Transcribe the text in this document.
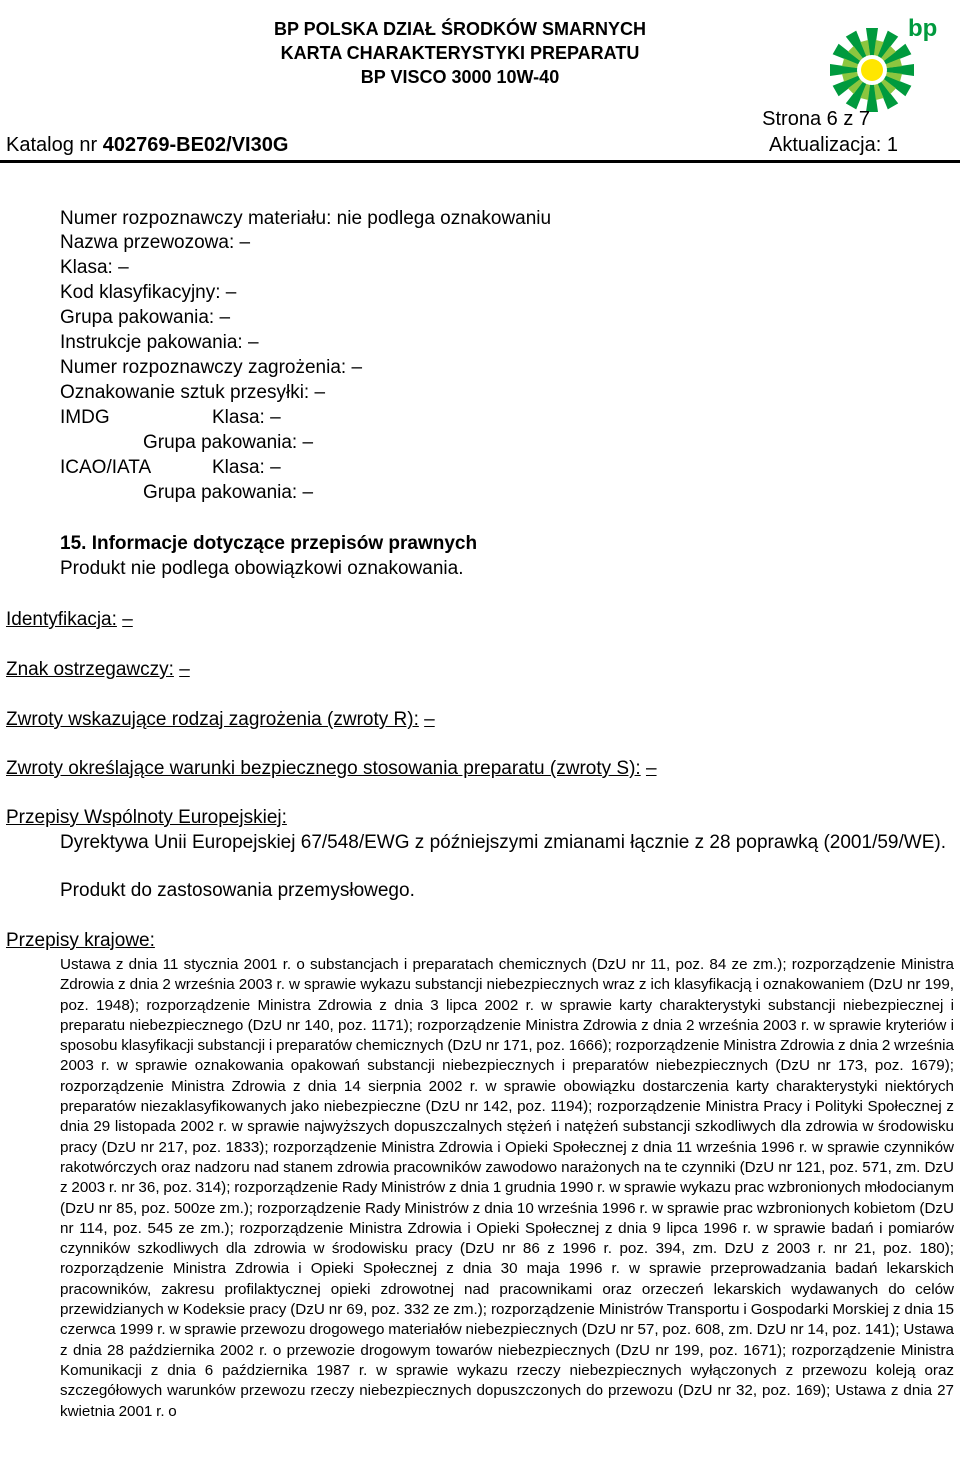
BP POLSKA DZIAŁ ŚRODKÓW SMARNYCH
KARTA CHARAKTERYSTYKI PREPARATU
BP VISCO 3000 10W-40
bp
Strona 6 z 7
Katalog nr 402769-BE02/VI30G	Aktualizacja: 1
Numer rozpoznawczy materiału: nie podlega oznakowaniu
Nazwa przewozowa: –
Klasa: –
Kod klasyfikacyjny: –
Grupa pakowania: –
Instrukcje pakowania: –
Numer rozpoznawczy zagrożenia: –
Oznakowanie sztuk przesyłki: –
IMDG	Klasa: –
Grupa pakowania: –
ICAO/IATA	Klasa: –
Grupa pakowania: –
15. Informacje dotyczące przepisów prawnych
Produkt nie podlega obowiązkowi oznakowania.
Identyfikacja: –
Znak ostrzegawczy: –
Zwroty wskazujące rodzaj zagrożenia (zwroty R): –
Zwroty określające warunki bezpiecznego stosowania preparatu (zwroty S): –
Przepisy Wspólnoty Europejskiej:
Dyrektywa Unii Europejskiej 67/548/EWG z późniejszymi zmianami łącznie z 28 poprawką (2001/59/WE).
Produkt do zastosowania przemysłowego.
Przepisy krajowe:
Ustawa z dnia 11 stycznia 2001 r. o substancjach i preparatach chemicznych (DzU nr 11, poz. 84 ze zm.); rozporządzenie Ministra Zdrowia z dnia 2 września 2003 r. w sprawie wykazu substancji niebezpiecznych wraz z ich klasyfikacją i oznakowaniem (DzU nr 199, poz. 1948); rozporządzenie Ministra Zdrowia z dnia 3 lipca 2002 r. w sprawie karty charakterystyki substancji niebezpiecznej i preparatu niebezpiecznego (DzU nr 140, poz. 1171); rozporządzenie Ministra Zdrowia z dnia 2 września 2003 r. w sprawie kryteriów i sposobu klasyfikacji substancji i preparatów chemicznych (DzU nr 171, poz. 1666); rozporządzenie Ministra Zdrowia z dnia 2 września 2003 r. w sprawie oznakowania opakowań substancji niebezpiecznych i preparatów niebezpiecznych (DzU nr 173, poz. 1679); rozporządzenie Ministra Zdrowia z dnia 14 sierpnia 2002 r. w sprawie obowiązku dostarczenia karty charakterystyki niektórych preparatów niezaklasyfikowanych jako niebezpieczne (DzU nr 142, poz. 1194); rozporządzenie Ministra Pracy i Polityki Społecznej z dnia 29 listopada 2002 r. w sprawie najwyższych dopuszczalnych stężeń i natężeń substancji szkodliwych dla zdrowia w środowisku pracy (DzU nr 217, poz. 1833); rozporządzenie Ministra Zdrowia i Opieki Społecznej z dnia 11 września 1996 r. w sprawie czynników rakotwórczych oraz nadzoru nad stanem zdrowia pracowników zawodowo narażonych na te czynniki (DzU nr 121, poz. 571, zm. DzU z 2003 r. nr 36, poz. 314); rozporządzenie Rady Ministrów z dnia 1 grudnia 1990 r. w sprawie wykazu prac wzbronionych młodocianym (DzU nr 85, poz. 500ze zm.); rozporządzenie Rady Ministrów z dnia 10 września 1996 r. w sprawie prac wzbronionych kobietom (DzU nr 114, poz. 545 ze zm.); rozporządzenie Ministra Zdrowia i Opieki Społecznej z dnia 9 lipca 1996 r. w sprawie badań i pomiarów czynników szkodliwych dla zdrowia w środowisku pracy (DzU nr 86 z 1996 r. poz. 394, zm. DzU z 2003 r. nr 21, poz. 180); rozporządzenie Ministra Zdrowia i Opieki Społecznej z dnia 30 maja 1996 r. w sprawie przeprowadzania badań lekarskich pracowników, zakresu profilaktycznej opieki zdrowotnej nad pracownikami oraz orzeczeń lekarskich wydawanych do celów przewidzianych w Kodeksie pracy (DzU nr 69, poz. 332 ze zm.); rozporządzenie Ministrów Transportu i Gospodarki Morskiej z dnia 15 czerwca 1999 r. w sprawie przewozu drogowego materiałów niebezpiecznych (DzU nr 57, poz. 608, zm. DzU nr 14, poz. 141); Ustawa z dnia 28 października 2002 r. o przewozie drogowym towarów niebezpiecznych (DzU nr 199, poz. 1671); rozporządzenie Ministra Komunikacji z dnia 6 października 1987 r. w sprawie wykazu rzeczy niebezpiecznych wyłączonych z przewozu koleją oraz szczegółowych warunków przewozu rzeczy niebezpiecznych dopuszczonych do przewozu (DzU nr 32, poz. 169); Ustawa z dnia 27 kwietnia 2001 r. o
